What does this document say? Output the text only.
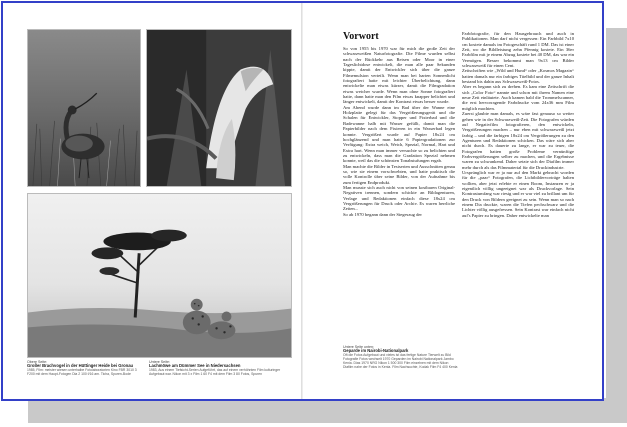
Obere Seite:
Großer Brachvogel in der Hüttinger Heide bei Gronau
1985, Film: meister wiesen unterhalbe Fotolaboratorien Kino FBR 3010 3 F200 mit dem Haupt-Fotogen Dia 2 100 f/16 am. Ticha, Spuren-Bode
Untere Seite:
Lachmöwe am Dümmer See in Niedersachsen
1983, Aus einem Tiefsicht-Serien Aufgeführt, das auf einem verhöhnten Film kulturinger Aufgebaut war. Nikon mit 3 x Film 1 60 F4 mit dem Film 3 80 Fotos, Spuren
Vorwort

So von 1955 bis 1970 war für mich die große Zeit der schwarzweißen Naturfotografie. Die Filme wurden selbst nach der Rückkehr aus Reisen oder Moor in einer Tageslichtdose entwickelt, die man alle paar Sekunden kippte, damit der Entwickler sich über die ganze Filmemulsion verteilt. Wenn man bei harten Sonnenlicht fotografiert hatte mit leichter Überbelichtung, dann entwickelte man etwas kürzer, damit die Filmgradation etwas weicher wurde. Wenn man ohne Sonne fotografiert hatte, dann hatte man den Film etwas knapper belichtet und länger entwickelt, damit der Kontrast etwas besser wurde.

Am Abend wurde dann im Bad über der Wanne eine Holzplatte gelegt für das Vergrößerungsgerät und die Schalen für Entwickler, Stopper und Fixierbad und die Badewanne halb mit Wasser gefüllt, damit man die Papierbilder nach dem Fixieren in ein Wasserbad legen konnte. Vergrößert wurde auf Papier 18x24 cm hochglänzend und man hatte 6 Papiergradationen zur Verfügung: Extra weich, Weich, Spezial, Normal, Hart und Extra hart. Wenn man immer versuchte so zu belichten und zu entwickeln, dass man die Gradation Spezial nehmen konnte, weil das die schönsten Tonabstufungen ergab.

Man machte die Bilder in Testserien und Ausschnitten genau so, wie sie einem vorschwebten, und hatte praktisch die volle Kontrolle über seine Bilder, von der Aufnahme bis zum fertigen Endprodukt.

Man musste sich auch nicht von seinen kostbaren Original-Negativen trennen, sondern schickte an Bildagenturen, Verlage und Redaktionen einfach diese 18x24 cm Vergrößerungen für Druck oder Archiv. Es waren herrliche Zeiten...

So ab 1970 begann dann der Siegeszug der

Untere Seite unten:
Geparde im Nairobi-Nationalpark
Oft die Fotos Aufgebaut und vieles ist das fertige Nature Tierwelt zu Bild Fotografie Fotos wechselt 1970 Geparden im Nairobi Nationalpark Jambo Kenia. Dias 1970 NRG Nikon 1 500 300 Film einzelnen mit dem Nikon Diafilm nahe der Fotos in Kenia. Film Nachsuchte, Kodak Film F4 400 Kenia

Farbfotografie, für den Hausgebrauch und auch in Publikationen. Man darf nicht vergessen: Ein Farbbild 7x10 cm kostete damals im Fotogeschäft rund 1 DM. Das ist einer Zeit, wo die Bildleistung zehn Pfennig kostete. Ein 36er Farbfilm mit je einem Abzug kostete bei 40 DM, das war ein Vermögen. Besser bekommt man 9x13 cm Bilder schwarzweiß für einen Cent.

Zeitschriften wie „Wild und Hund“ oder „Kosmos Magazin“ hatten damals nur ein farbiges Titelbild und der ganze Inhalt bestand bis dahin aus Schwarzweiß-Fotos.

Aber es begann sich zu drehen. Es kam eine Zeitschrift die sich „Color Foto“ nannte und schon mit ihrem Namen eine neue Zeit einläutete. Auch kamen bald die Trommelscanner, die erst hervorragende Farbdrucke vom 24x36 mm Film möglich machten.

Zuerst glaubte man damals, es wäre fast genauso so weiter gehen wie in der Schwarzweiß-Zeit. Die Fotografen würden auf Negativfilm fotografieren, den entwickeln, Vergrößerungen machen – nur eben mit schwarzweiß jetzt farbig – und die farbigen 18x24 cm Vergrößerungen zu den Agenturen und Redaktionen schicken. Das wäre sich aber nicht durch. Es dauerte zu lange, er war zu teuer, die Fotografen hatten große Probleme vernünftige Farbvergrößerungen selber zu machen, und die Ergebnisse waren zu schwankend. Daher setzte sich der Diafilm immer mehr durch als das Filmmaterial für die Druckindustrie.

Ursprünglich war er ja nur auf den Markt gebracht worden für die „paar“ Fotografen, die Lichtbildervorträge halten wollten, aber jetzt erlebte er einen Boom, Instanzen er ja eigentlich völlig ungeeignet war als Druckvorlage. Sein Kontrastumfang war riesig und er war viel zu brillant um für den Druck von Bildern geeignet zu sein. Wenn man so nach einem Dia druckte, waren die Tiefen pechschwarz und die Lichter völlig ausgefressen. Sein Kontrast war einfach nicht auf's Papier zu bringen. Daher entwickelte man
